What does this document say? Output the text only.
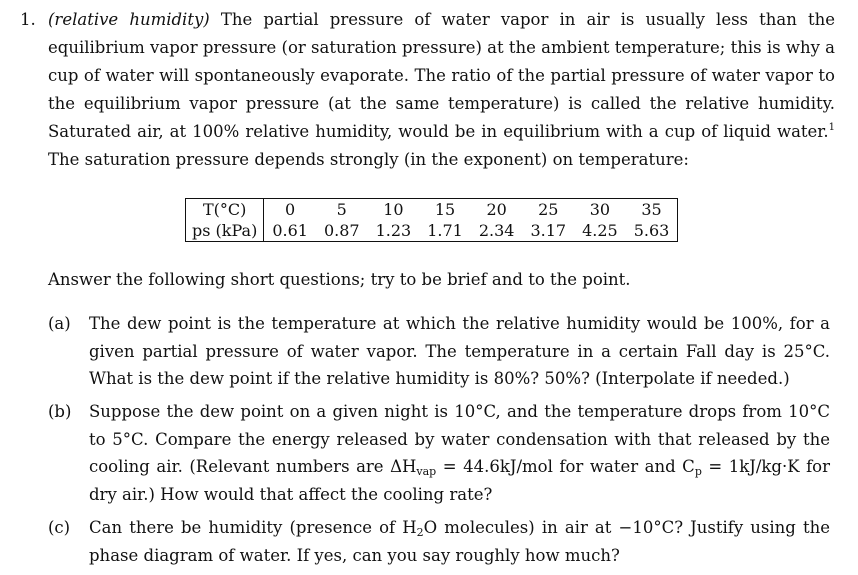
1. (relative humidity) The partial pressure of water vapor in air is usually less than the equilibrium vapor pressure (or saturation pressure) at the ambient temperature; this is why a cup of water will spontaneously evaporate. The ratio of the partial pressure of water vapor to the equilibrium vapor pressure (at the same temperature) is called the relative humidity. Saturated air, at 100% relative humidity, would be in equilibrium with a cup of liquid water.$^1$ The saturation pressure depends strongly (in the exponent) on temperature:
T(°C)	0	5	10	15	20	25	30	35
ps (kPa)	0.61	0.87	1.23	1.71	2.34	3.17	4.25	5.63
Answer the following short questions; try to be brief and to the point.
(a)	The dew point is the temperature at which the relative humidity would be 100%, for a given partial pressure of water vapor. The temperature in a certain Fall day is 25°C. What is the dew point if the relative humidity is 80%? 50%? (Interpolate if needed.)
(b)	Suppose the dew point on a given night is 10°C, and the temperature drops from 10°C to 5°C. Compare the energy released by water condensation with that released by the cooling air. (Relevant numbers are $\Delta H_{vap} = 44.6kJ/mol$ for water and $C_p = 1kJ/kg\cdot K$ for dry air.) How would that affect the cooling rate?
(c)	Can there be humidity (presence of $H_2O$ molecules) in air at −10°C? Justify using the phase diagram of water. If yes, can you say roughly how much?
